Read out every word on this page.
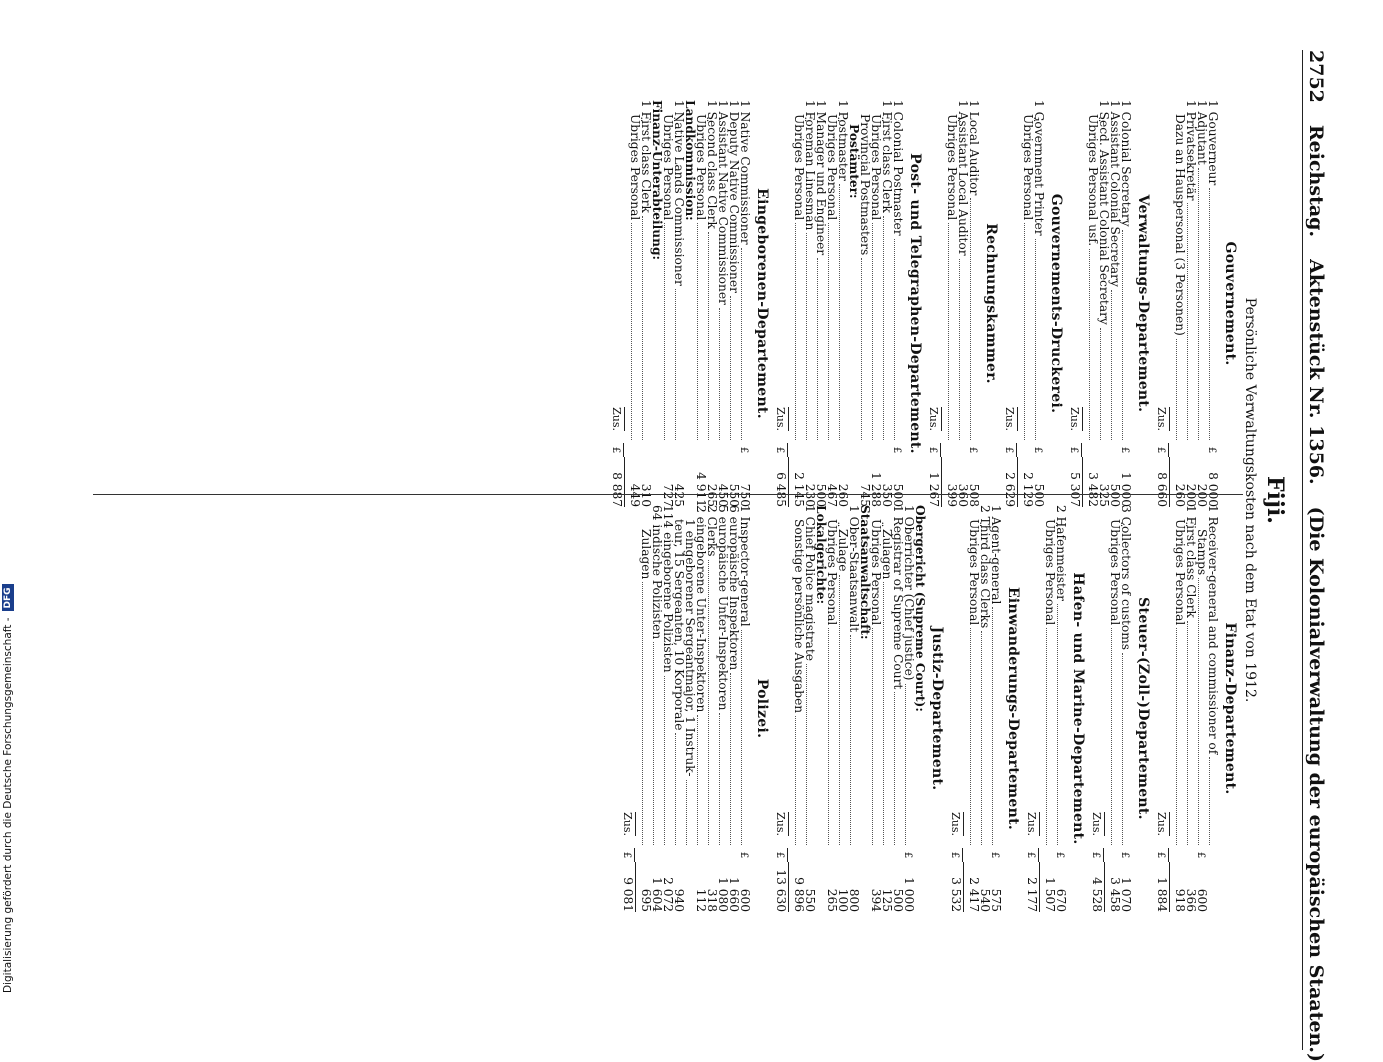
2752
Reichstag.
Aktenstück Nr. 1356.
(Die Kolonialverwaltung der europäischen Staaten.)
Fiji.
Persönliche Verwaltungskosten nach dem Etat von 1912.
Gouvernement.
1 Gouverneur
£
8 000
1 Adjutant
200
1 Privatsekretär
200
Dazu an Hauspersonal (3 Personen)
260
Zus.
£
8 660
Verwaltungs-Departement.
1 Colonial Secretary
£
1 000
1 Assistant Colonial Secretary
500
1 Secd. Assistant Colonial Secretary
325
Übriges Personal usf.
3 482
Zus.
£
5 307
Gouvernements-Druckerei.
1 Government Printer
£
500
Übriges Personal
2 129
Zus.
£
2 629
Rechnungskammer.
1 Local Auditor
£
508
1 Assistant Local Auditor
360
Übriges Personal
399
Zus.
£
1 267
Post- und Telegraphen-Departement.
1 Colonial Postmaster
£
500
1 First class Clerk
350
Übriges Personal
1 288
Provincial Postmasters
745
Postämter:
1 Postmaster
260
Übriges Personal
467
1 Manager und Engineer
500
1 Foreman Linesman
230
Übriges Personal
2 145
Zus.
£
6 485
Eingeborenen-Departement.
1 Native Commissioner
£
750
1 Deputy Native Commissioner
550
1 Assistant Native Commissioner
450
1 Second class Clerk
265
Übriges Personal
4 911
Landkommission:
1 Native Lands Commissioner
425
Übriges Personal
727
Finanz-Unterabteilung:
1 First class Clerk
310
Übriges Personal
449
Zus.
£
8 887
Finanz-Departement.
1 Receiver-general and commissioner of
Stamps
£
600
1 First class Clerk
366
Übriges Personal
918
Zus.
£
1 884
Steuer-(Zoll-)Departement.
3 Collectors of customs
£
1 070
Übriges Personal
3 458
Zus.
£
4 528
Hafen- und Marine-Departement.
2 Hafenmeister
£
670
Übriges Personal
1 507
Zus.
£
2 177
Einwanderungs-Departement.
1 Agent-general
£
575
2 Third class Clerks
540
Übriges Personal
2 417
Zus.
£
3 532
Justiz-Departement.
Obergericht (Supreme Court):
1 Oberrichter (Chief justice)
£
1 000
1 Registrar of Supreme Court
500
Zulagen
125
Übriges Personal
394
Staatsanwaltschaft:
1 Ober-Staatsanwalt
800
Zulage
100
Übriges Personal
265
Lokalgerichte:
1 Chief Police magistrate
550
Sonstige persönliche Ausgaben
9 896
Zus.
£
13 630
Polizei.
1 Inspector-general
£
600
6 europäische Inspektoren
1 660
5 europäische Unter-Inspektoren
1 080
2 Clerks
318
2 eingeborene Unter-Inspektoren
112
1 eingeborener Sergeantmajor, 1 Instruk-
teur, 15 Sergeanten, 10 Korporale
940
114 eingeborene Polizisten
2 072
64 indische Polizisten
1 604
Zulagen
695
Zus.
£
9 081
Digitalisierung gefördert durch die Deutsche Forschungsgemeinschaft -
DFG
